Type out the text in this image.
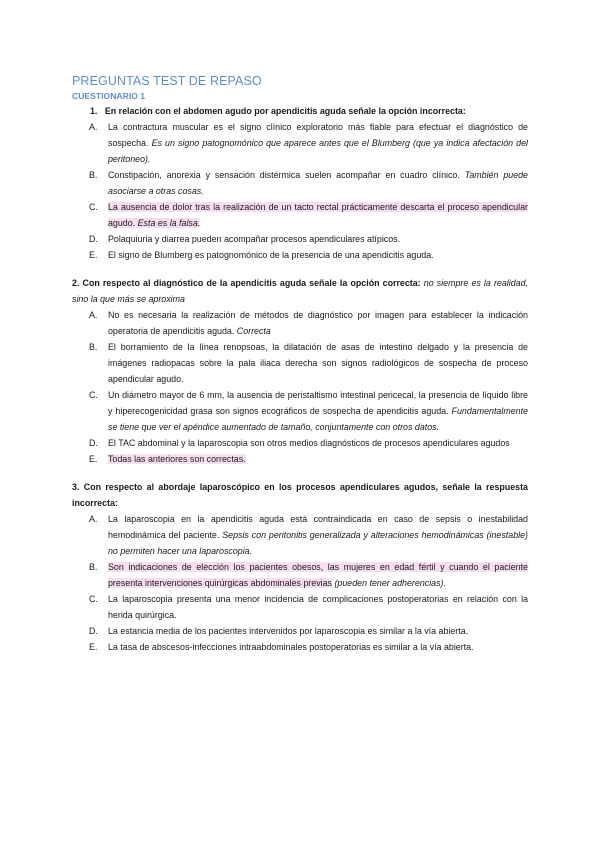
PREGUNTAS TEST DE REPASO
CUESTIONARIO 1

1. En relación con el abdomen agudo por apendicitis aguda señale la opción incorrecta:

A. La contractura muscular es el signo clínico exploratorio más fiable para efectuar el diagnóstico de sospecha. Es un signo patognomónico que aparece antes que el Blumberg (que ya indica afectación del peritoneo).
B. Constipación, anorexia y sensación distérmica suelen acompañar en cuadro clínico. También puede asociarse a otras cosas.
C. La ausencia de dolor tras la realización de un tacto rectal prácticamente descarta el proceso apendicular agudo. Esta es la falsa.
D. Polaquiuria y diarrea pueden acompañar procesos apendiculares atípicos.
E. El signo de Blumberg es patognomónico de la presencia de una apendicitis aguda.

2. Con respecto al diagnóstico de la apendicitis aguda señale la opción correcta: no siempre es la realidad, sino la que más se aproxima

A. No es necesaria la realización de métodos de diagnóstico por imagen para establecer la indicación operatoria de apendicitis aguda. Correcta
B. El borramiento de la línea renopsoas, la dilatación de asas de intestino delgado y la presencia de imágenes radiopacas sobre la pala iliaca derecha son signos radiológicos de sospecha de proceso apendicular agudo.
C. Un diámetro mayor de 6 mm, la ausencia de peristaltismo intestinal pericecal, la presencia de líquido libre y hiperecogenicidad grasa son signos ecográficos de sospecha de apendicitis aguda. Fundamentalmente se tiene que ver el apéndice aumentado de tamaño, conjuntamente con otros datos.
D. El TAC abdominal y la laparoscopia son otros medios diagnósticos de procesos apendiculares agudos
E. Todas las anteriores son correctas.

3. Con respecto al abordaje laparoscópico en los procesos apendiculares agudos, señale la respuesta incorrecta:

A. La laparoscopia en la apendicitis aguda está contraindicada en caso de sepsis o inestabilidad hemodinámica del paciente. Sepsis con peritonitis generalizada y alteraciones hemodinámicas (inestable) no permiten hacer una laparoscopia.
B. Son indicaciones de elección los pacientes obesos, las mujeres en edad fértil y cuando el paciente presenta intervenciones quirúrgicas abdominales previas (pueden tener adherencias).
C. La laparoscopia presenta una menor incidencia de complicaciones postoperatorias en relación con la herida quirúrgica.
D. La estancia media de los pacientes intervenidos por laparoscopia es similar a la vía abierta.
E. La tasa de abscesos-infecciones intraabdominales postoperatorias es similar a la vía abierta.
